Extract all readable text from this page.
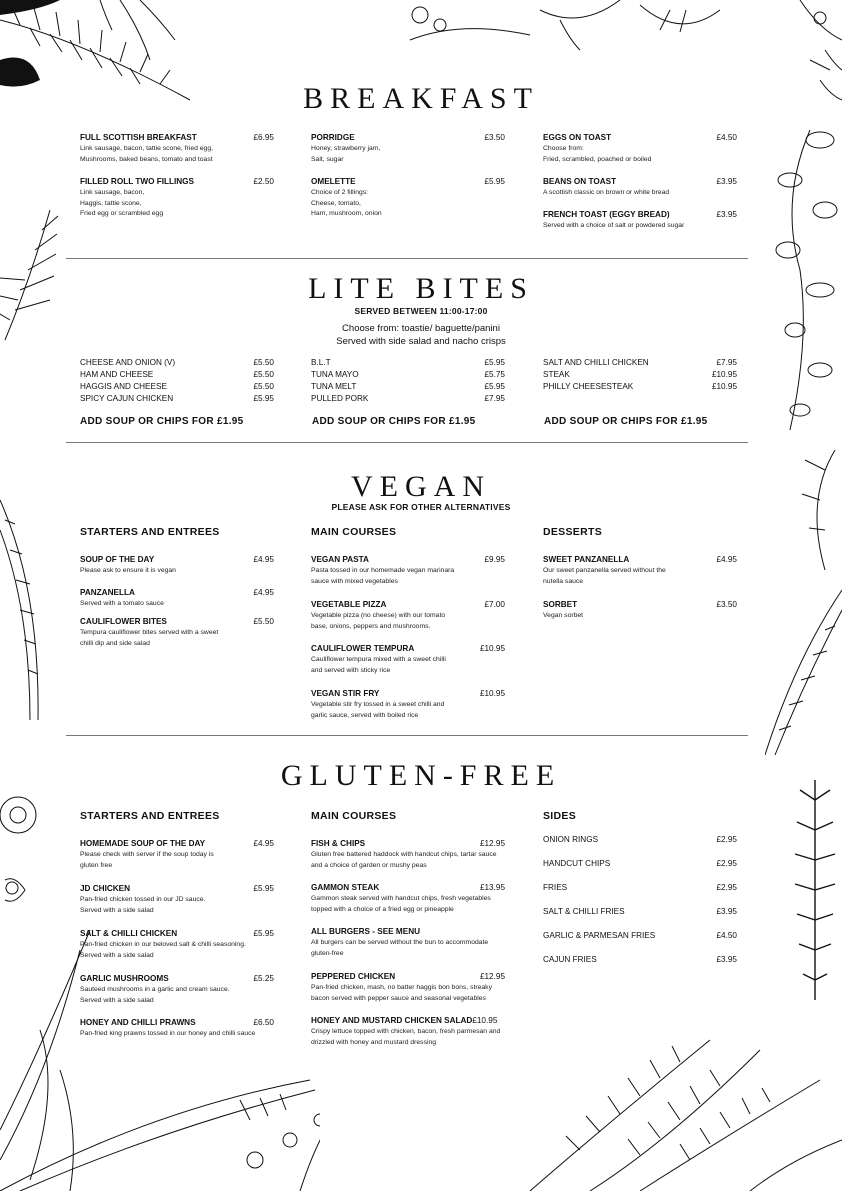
BREAKFAST
FULL SCOTTISH BREAKFAST	£6.95
Link sausage, bacon, tattie scone, fried egg,
Mushrooms, baked beans, tomato and toast
FILLED ROLL TWO FILLINGS	£2.50
Link sausage, bacon,
Haggis, tattie scone,
Fried egg or scrambled egg
PORRIDGE	£3.50
Honey, strawberry jam,
Salt, sugar
OMELETTE	£5.95
Choice of 2 fillings:
Cheese, tomato,
Ham, mushroom, onion
EGGS ON TOAST	£4.50
Choose from:
Fried, scrambled, poached or boiled
BEANS ON TOAST	£3.95
A scottish classic on brown or white bread
FRENCH TOAST (EGGY BREAD)	£3.95
Served with a choice of salt or powdered sugar
LITE BITES
SERVED BETWEEN 11:00-17:00
Choose from: toastie/ baguette/panini
Served with side salad and nacho crisps
CHEESE AND ONION (V)	£5.50
HAM AND CHEESE	£5.50
HAGGIS AND CHEESE	£5.50
SPICY CAJUN CHICKEN	£5.95
B.L.T	£5.95
TUNA MAYO	£5.75
TUNA MELT	£5.95
PULLED PORK	£7.95
SALT AND CHILLI CHICKEN	£7.95
STEAK	£10.95
PHILLY CHEESESTEAK	£10.95
ADD SOUP OR CHIPS FOR £1.95	ADD SOUP OR CHIPS FOR £1.95	ADD SOUP OR CHIPS FOR £1.95
VEGAN
PLEASE ASK FOR OTHER ALTERNATIVES
STARTERS AND ENTREES
SOUP OF THE DAY	£4.95
Please ask to ensure it is vegan
PANZANELLA	£4.95
Served with a tomato sauce
CAULIFLOWER BITES	£5.50
Tempura cauliflower bites served with a sweet
chilli dip and side salad
MAIN COURSES
VEGAN PASTA	£9.95
Pasta tossed in our homemade vegan marinara
sauce with mixed vegetables
VEGETABLE PIZZA	£7.00
Vegetable pizza (no cheese) with our tomato
base, onions, peppers and mushrooms.
CAULIFLOWER TEMPURA	£10.95
Cauliflower tempura mixed with a sweet chilli
and served with sticky rice
VEGAN STIR FRY	£10.95
Vegetable stir fry tossed in a sweet chilli and
garlic sauce, served with boiled rice
DESSERTS
SWEET PANZANELLA	£4.95
Our sweet panzanella served without the
nutella sauce
SORBET	£3.50
Vegan sorbet
GLUTEN-FREE
STARTERS AND ENTREES
HOMEMADE SOUP OF THE DAY	£4.95
Please check with server if the soup today is
gluten free
JD CHICKEN	£5.95
Pan-fried chicken tossed in our JD sauce.
Served with a side salad
SALT & CHILLI CHICKEN	£5.95
Pan-fried chicken in our beloved salt & chilli seasoning.
Served with a side salad
GARLIC MUSHROOMS	£5.25
Sauteed mushrooms in a garlic and cream sauce.
Served with a side salad
HONEY AND CHILLI PRAWNS	£6.50
Pan-fried king prawns tossed in our honey and chilli sauce
MAIN COURSES
FISH & CHIPS	£12.95
Gluten free battered haddock with handcut chips, tartar sauce
and a choice of garden or mushy peas
GAMMON STEAK	£13.95
Gammon steak served with handcut chips, fresh vegetables
topped with a choice of a fried egg or pineapple
ALL BURGERS - SEE MENU
All burgers can be served without the bun to accommodate
gluten-free
PEPPERED CHICKEN	£12.95
Pan-fried chicken, mash, no batter haggis bon bons, streaky
bacon served with pepper sauce and seasonal vegetables
HONEY AND MUSTARD CHICKEN SALAD£10.95
Crispy lettuce topped with chicken, bacon, fresh parmesan and
drizzled with honey and mustard dressing
SIDES
ONION RINGS	£2.95
HANDCUT CHIPS	£2.95
FRIES	£2.95
SALT & CHILLI FRIES	£3.95
GARLIC & PARMESAN FRIES	£4.50
CAJUN FRIES	£3.95
